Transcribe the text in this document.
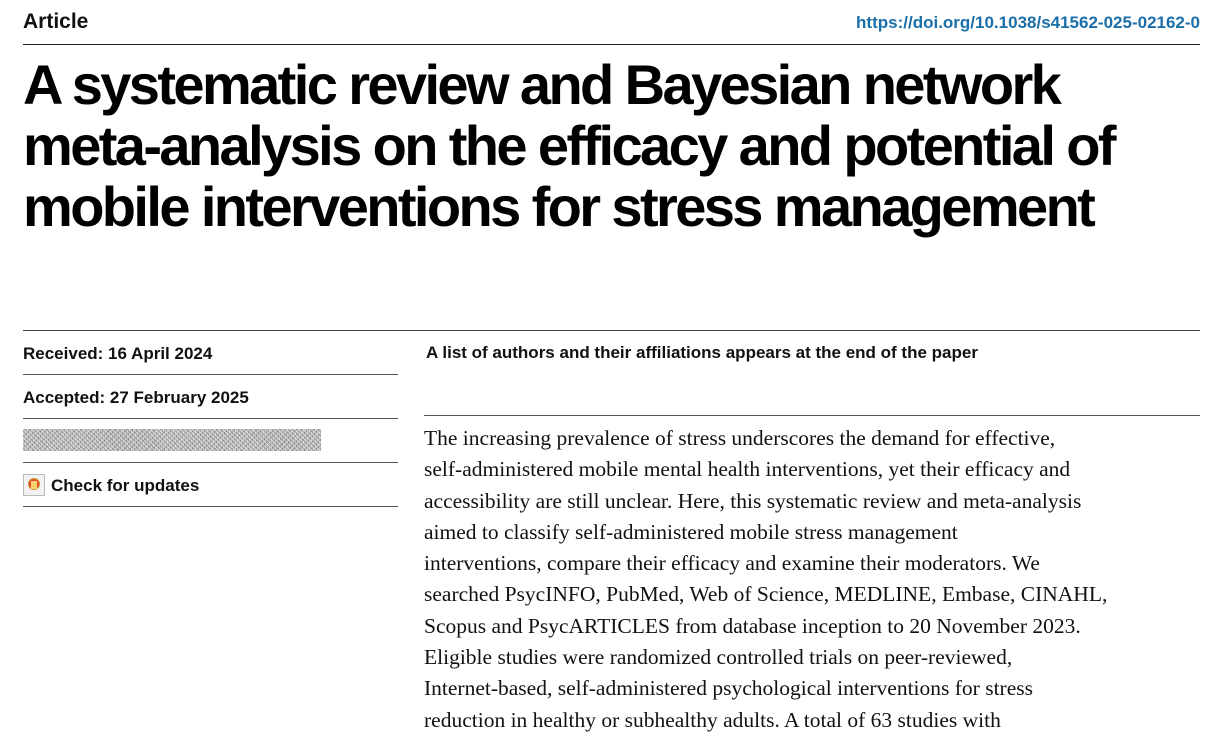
Article	https://doi.org/10.1038/s41562-025-02162-0
A systematic review and Bayesian network
meta-analysis on the efficacy and potential of
mobile interventions for stress management
Received: 16 April 2024
Accepted: 27 February 2025
Check for updates
A list of authors and their affiliations appears at the end of the paper

The increasing prevalence of stress underscores the demand for effective,
self-administered mobile mental health interventions, yet their efficacy and
accessibility are still unclear. Here, this systematic review and meta-analysis
aimed to classify self-administered mobile stress management
interventions, compare their efficacy and examine their moderators. We
searched PsycINFO, PubMed, Web of Science, MEDLINE, Embase, CINAHL,
Scopus and PsycARTICLES from database inception to 20 November 2023.
Eligible studies were randomized controlled trials on peer-reviewed,
Internet-based, self-administered psychological interventions for stress
reduction in healthy or subhealthy adults. A total of 63 studies with
